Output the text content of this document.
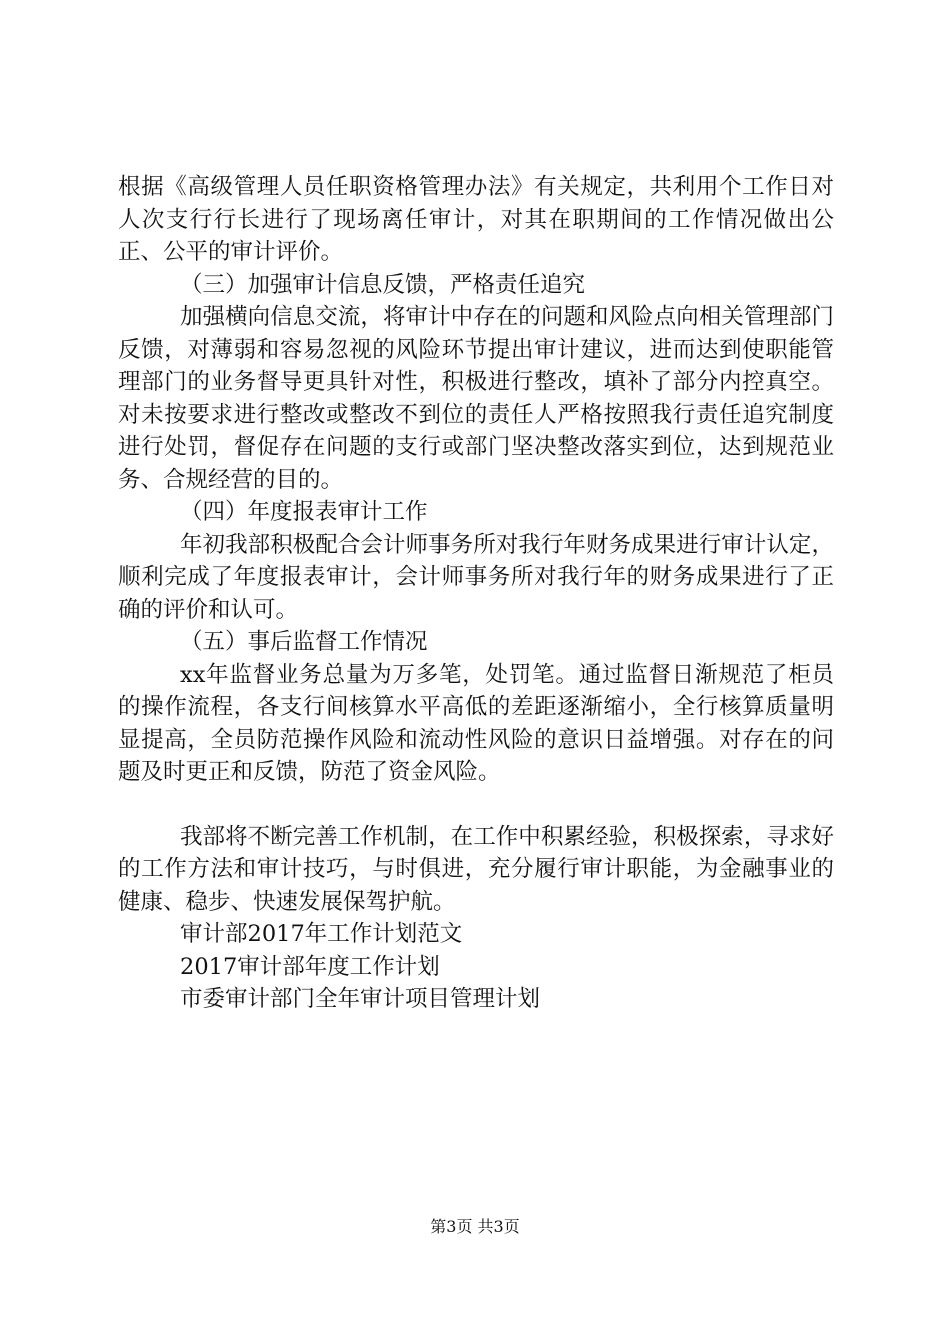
根据《高级管理人员任职资格管理办法》有关规定，共利用个工作日对人次支行行长进行了现场离任审计，对其在职期间的工作情况做出公正、公平的审计评价。

（三）加强审计信息反馈，严格责任追究

加强横向信息交流，将审计中存在的问题和风险点向相关管理部门反馈，对薄弱和容易忽视的风险环节提出审计建议，进而达到使职能管理部门的业务督导更具针对性，积极进行整改，填补了部分内控真空。对未按要求进行整改或整改不到位的责任人严格按照我行责任追究制度进行处罚，督促存在问题的支行或部门坚决整改落实到位，达到规范业务、合规经营的目的。

（四）年度报表审计工作

年初我部积极配合会计师事务所对我行年财务成果进行审计认定，顺利完成了年度报表审计，会计师事务所对我行年的财务成果进行了正确的评价和认可。

（五）事后监督工作情况

xx年监督业务总量为万多笔，处罚笔。通过监督日渐规范了柜员的操作流程，各支行间核算水平高低的差距逐渐缩小，全行核算质量明显提高，全员防范操作风险和流动性风险的意识日益增强。对存在的问题及时更正和反馈，防范了资金风险。

我部将不断完善工作机制，在工作中积累经验，积极探索，寻求好的工作方法和审计技巧，与时俱进，充分履行审计职能，为金融事业的健康、稳步、快速发展保驾护航。

审计部2017年工作计划范文
2017审计部年度工作计划
市委审计部门全年审计项目管理计划
第3页 共3页
